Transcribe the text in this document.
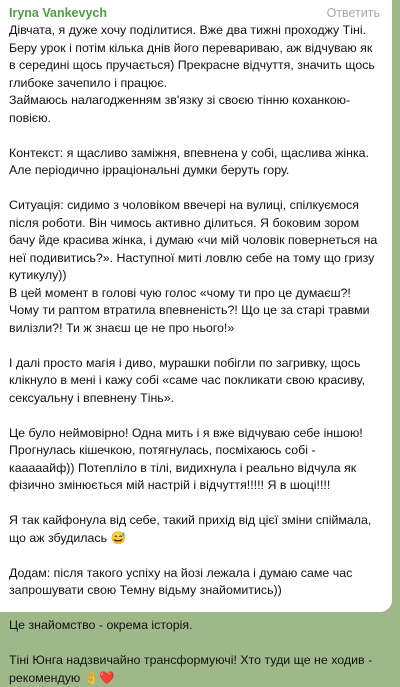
Iryna Vankevych	Ответить

Дівчата, я дуже хочу поділитися. Вже два тижні проходжу Тіні. Беру урок і потім кілька днів його перевариваю, аж відчуваю як в середині щось пручається) Прекрасне відчуття, значить щось глибоке зачепило і працює.
Займаюсь налагодженням зв'язку зі своєю тінню коханкою-повією.

Контекст: я щасливо заміжня, впевнена у собі, щаслива жінка. Але періодично ірраціональні думки беруть гору.

Ситуація: сидимо з чоловіком ввечері на вулиці, спілкуємося після роботи. Він чимось активно ділиться. Я боковим зором бачу йде красива жінка, і думаю «чи мій чоловік повернеться на неї подивитись?». Наступної миті ловлю себе на тому що гризу кутикулу))
В цей момент в голові чую голос «чому ти про це думаєш?! Чому ти раптом втратила впевненість?! Що це за старі травми вилізли?! Ти ж знаєш це не про нього!»

І далі просто магія і диво, мурашки побігли по загривку, щось клікнуло в мені і кажу собі «саме час покликати свою красиву, сексуальну і впевнену Тінь».

Це було неймовірно! Одна мить і я вже відчуваю себе іншою! Прогнулась кішечкою, потягнулась, посміхаюсь собі - кааааайф)) Потепліло в тілі, видихнула і реально відчула як фізично змінюється мій настрій і відчуття!!!!! Я в шоці!!!!

Я так кайфонула від себе, такий прихід від цієї зміни спіймала, що аж збудилась 😅

Додам: після такого успіху на йозі лежала і думаю саме час запрошувати свою Темну відьму знайомитись))

Це знайомство - окрема історія.

Тіні Юнга надзвичайно трансформуючі! Хто туди ще не ходив - рекомендую 👌❤️
